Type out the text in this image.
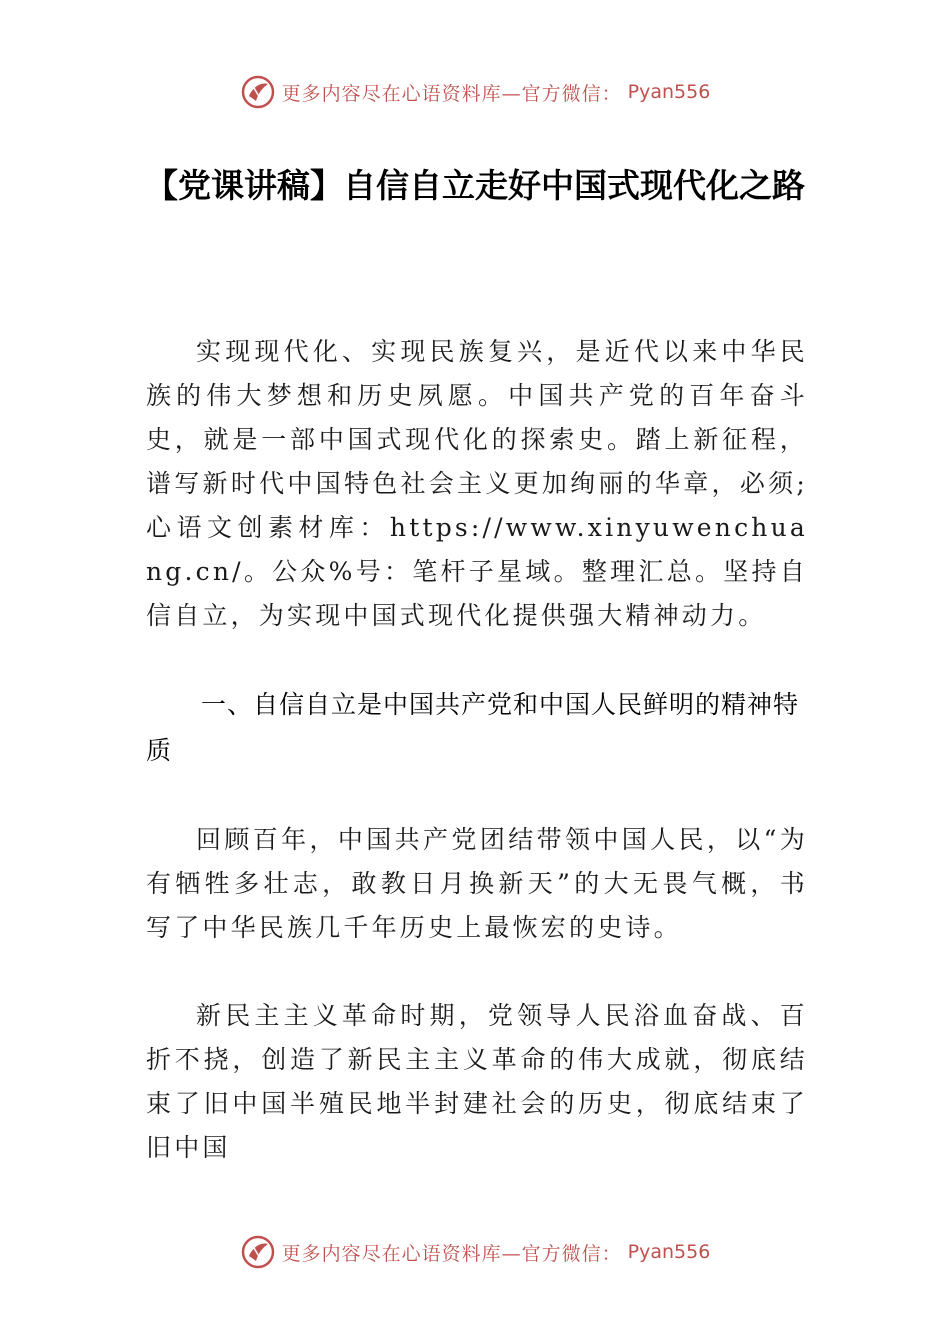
更多内容尽在心语资料库—官方微信： Pyan556
【党课讲稿】自信自立走好中国式现代化之路

实现现代化、实现民族复兴，是近代以来中华民族的伟大梦想和历史夙愿。中国共产党的百年奋斗史，就是一部中国式现代化的探索史。踏上新征程，谱写新时代中国特色社会主义更加绚丽的华章，必须;心语文创素材库：https://www.xinyuwenchuang.cn/。公众%号：笔杆子星域。整理汇总。坚持自信自立，为实现中国式现代化提供强大精神动力。

一、自信自立是中国共产党和中国人民鲜明的精神特质

回顾百年，中国共产党团结带领中国人民，以“为有牺牲多壮志，敢教日月换新天”的大无畏气概，书写了中华民族几千年历史上最恢宏的史诗。

新民主主义革命时期，党领导人民浴血奋战、百折不挠，创造了新民主主义革命的伟大成就，彻底结束了旧中国半殖民地半封建社会的历史，彻底结束了旧中国

更多内容尽在心语资料库—官方微信： Pyan556
